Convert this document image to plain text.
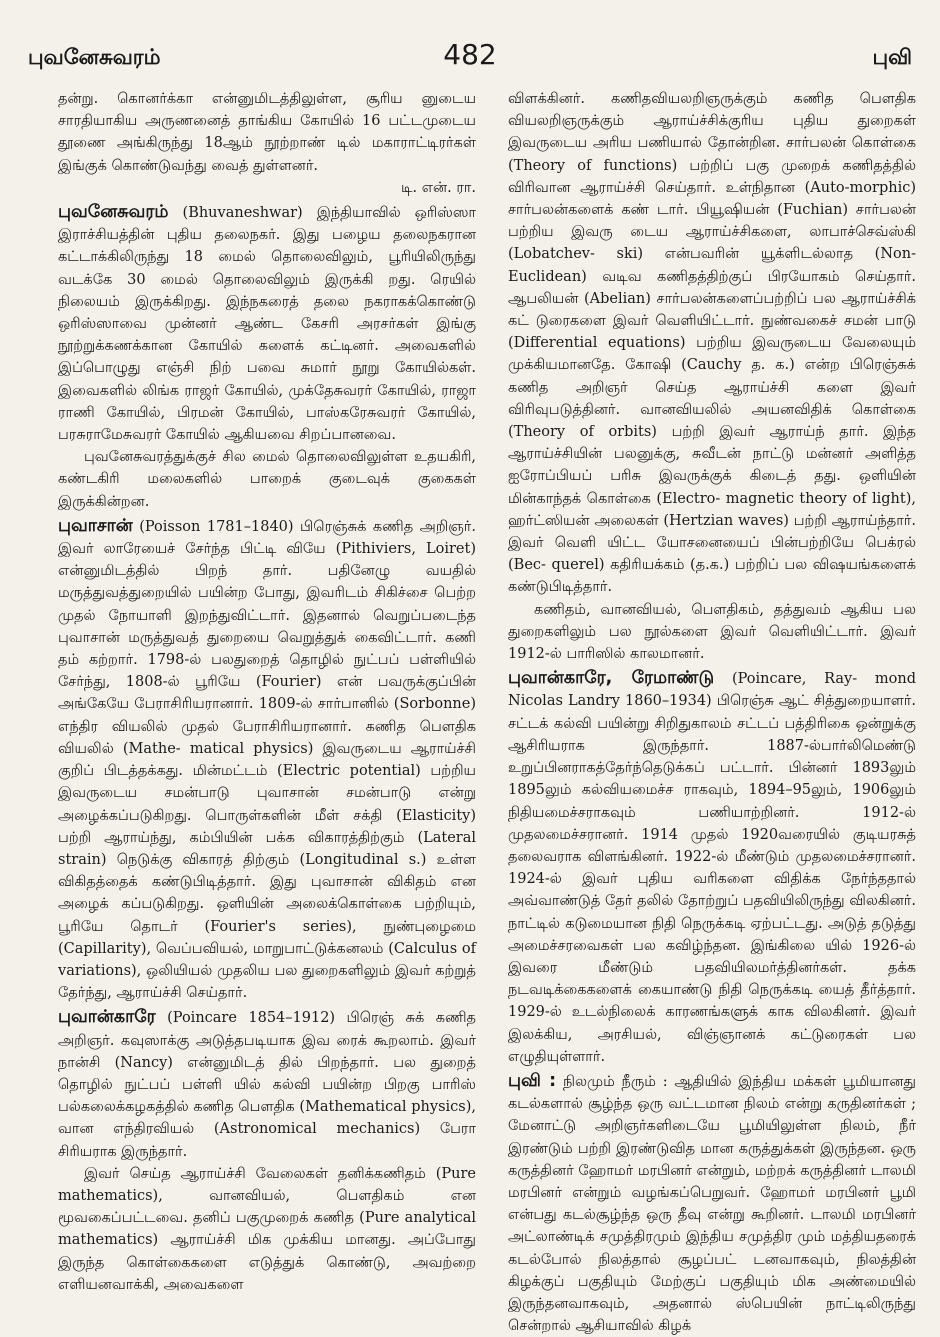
புவனேசுவரம்	482	புவி

தன்று. கொனர்க்கா என்னுமிடத்திலுள்ள, சூரிய னுடைய சாரதியாகிய அருணனைத் தாங்கிய கோயில் 16 பட்டமுடைய தூணை அங்கிருந்து 18ஆம் நூற்றாண் டில் மகாராட்டிரர்கள் இங்குக் கொண்டுவந்து வைத் துள்ளனர்.

டி. என். ரா.

புவனேசுவரம் (Bhuvaneshwar) இந்தியாவில் ஒரிஸ்ஸா இராச்சியத்தின் புதிய தலைநகர். இது பழைய தலைநகரான கட்டாக்கிலிருந்து 18 மைல் தொலைவிலும், பூரியிலிருந்து வடக்கே 30 மைல் தொலைவிலும் இருக்கி றது. ரெயில் நிலையம் இருக்கிறது. இந்நகரைத் தலை நகராகக்கொண்டு ஒரிஸ்ஸாவை முன்னர் ஆண்ட கேசரி அரசர்கள் இங்கு நூற்றுக்கணக்கான கோயில் களைக் கட்டினர். அவைகளில் இப்பொழுது எஞ்சி நிற் பவை சுமார் நூறு கோயில்கள். இவைகளில் லிங்க ராஜர் கோயில், முக்தேசுவரர் கோயில், ராஜா ராணி கோயில், பிரமன் கோயில், பாஸ்கரேசுவரர் கோயில், பரசுராமேசுவரர் கோயில் ஆகியவை சிறப்பானவை.

புவனேசுவரத்துக்குச் சில மைல் தொலைவிலுள்ள உதயகிரி, கண்டகிரி மலைகளில் பாறைக் குடைவுக் குகைகள் இருக்கின்றன.

புவாசான் (Poisson 1781–1840) பிரெஞ்சுக் கணித அறிஞர். இவர் லாரேயைச் சேர்ந்த பிட்டி வியே (Pithiviers, Loiret) என்னுமிடத்தில் பிறந் தார். பதினேழு வயதில் மருத்துவத்துறையில் பயின்ற போது, இவரிடம் சிகிச்சை பெற்ற முதல் நோயாளி இறந்துவிட்டார். இதனால் வெறுப்படைந்த புவாசான் மருத்துவத் துறையை வெறுத்துக் கைவிட்டார். கணி தம் கற்றார். 1798-ல் பலதுறைத் தொழில் நுட்பப் பள்ளியில் சேர்ந்து, 1808-ல் பூரியே (Fourier) என் பவருக்குப்பின் அங்கேயே பேராசிரியரானார். 1809-ல் சார்பானில் (Sorbonne) எந்திர வியலில் முதல் பேராசிரியரானார். கணித பௌதிக வியலில் (Mathe- matical physics) இவருடைய ஆராய்ச்சி குறிப் பிடத்தக்கது. மின்மட்டம் (Electric potential) பற்றிய இவருடைய சமன்பாடு புவாசான் சமன்பாடு என்று அழைக்கப்படுகிறது. பொருள்களின் மீள் சக்தி (Elasticity) பற்றி ஆராய்ந்து, கம்பியின் பக்க விகாரத்திற்கும் (Lateral strain) நெடுக்கு விகாரத் திற்கும் (Longitudinal s.) உள்ள விகிதத்தைக் கண்டுபிடித்தார். இது புவாசான் விகிதம் என அழைக் கப்படுகிறது. ஒளியின் அலைக்கொள்கை பற்றியும், பூரியே தொடர் (Fourier's series), நுண்புழைமை (Capillarity), வெப்பவியல், மாறுபாட்டுக்கனலம் (Calculus of variations), ஒலியியல் முதலிய பல துறைகளிலும் இவர் கற்றுத் தேர்ந்து, ஆராய்ச்சி செய்தார்.

புவான்காரே (Poincare 1854–1912) பிரெஞ் சுக் கணித அறிஞர். கவுஸாக்கு அடுத்தபடியாக இவ ரைக் கூறலாம். இவர் நான்சி (Nancy) என்னுமிடத் தில் பிறந்தார். பல துறைத் தொழில் நுட்பப் பள்ளி யில் கல்வி பயின்ற பிறகு பாரிஸ் பல்கலைக்கழகத்தில் கணித பௌதிக (Mathematical physics), வான எந்திரவியல் (Astronomical mechanics) பேரா சிரியராக இருந்தார்.

இவர் செய்த ஆராய்ச்சி வேலைகள் தனிக்கணிதம் (Pure mathematics), வானவியல், பௌதிகம் என மூவகைப்பட்டவை. தனிப் பகுமுறைக் கணித (Pure analytical mathematics) ஆராய்ச்சி மிக முக்கிய மானது. அப்போது இருந்த கொள்கைகளை எடுத்துக் கொண்டு, அவற்றை எளியனவாக்கி, அவைகளை

விளக்கினர். கணிதவியலறிஞருக்கும் கணித பௌதிக வியலறிஞருக்கும் ஆராய்ச்சிக்குரிய புதிய துறைகள் இவருடைய அரிய பணியால் தோன்றின. சார்பலன் கொள்கை (Theory of functions) பற்றிப் பகு முறைக் கணிதத்தில் விரிவான ஆராய்ச்சி செய்தார். உள்நிதான (Auto-morphic) சார்பலன்களைக் கண் டார். பியூஷியன் (Fuchian) சார்பலன் பற்றிய இவரு டைய ஆராய்ச்சிகளை, லாபாச்செவ்ஸ்கி (Lobatchev- ski) என்பவரின் யூக்ளிடல்லாத (Non-Euclidean) வடிவ கணிதத்திற்குப் பிரயோகம் செய்தார். ஆபலியன் (Abelian) சார்பலன்களைப்பற்றிப் பல ஆராய்ச்சிக் கட் டுரைகளை இவர் வெளியிட்டார். நுண்வகைச் சமன் பாடு (Differential equations) பற்றிய இவருடைய வேலையும் முக்கியமானதே. கோஷி (Cauchy த. க.) என்ற பிரெஞ்சுக் கணித அறிஞர் செய்த ஆராய்ச்சி களை இவர் விரிவுபடுத்தினர். வானவியலில் அயனவிதிக் கொள்கை (Theory of orbits) பற்றி இவர் ஆராய்ந் தார். இந்த ஆராய்ச்சியின் பலனுக்கு, சுவீடன் நாட்டு மன்னர் அளித்த ஐரோப்பியப் பரிசு இவருக்குக் கிடைத் தது. ஒளியின் மின்காந்தக் கொள்கை (Electro- magnetic theory of light), ஹர்ட்ஸியன் அலைகள் (Hertzian waves) பற்றி ஆராய்ந்தார். இவர் வெளி யிட்ட யோசனையைப் பின்பற்றியே பெக்ரல் (Bec- querel) கதிரியக்கம் (த.க.) பற்றிப் பல விஷயங்களைக் கண்டுபிடித்தார்.

கணிதம், வானவியல், பௌதிகம், தத்துவம் ஆகிய பல துறைகளிலும் பல நூல்களை இவர் வெளியிட்டார். இவர் 1912-ல் பாரிஸில் காலமானர்.

புவான்காரே, ரேமாண்டு (Poincare, Ray- mond Nicolas Landry 1860–1934) பிரெஞ்சு ஆட் சித்துறையாளர். சட்டக் கல்வி பயின்று சிறிதுகாலம் சட்டப் பத்திரிகை ஒன்றுக்கு ஆசிரியராக இருந்தார். 1887-ல்பார்லிமெண்டு உறுப்பினராகத்தேர்ந்தெடுக்கப் பட்டார். பின்னர் 1893லும் 1895லும் கல்வியமைச்ச ராகவும், 1894–95லும், 1906லும் நிதியமைச்சராகவும் பணியாற்றினர். 1912-ல் முதலமைச்சரானர். 1914 முதல் 1920வரையில் குடியரசுத் தலைவராக விளங்கினர். 1922-ல் மீண்டும் முதலமைச்சரானர். 1924-ல் இவர் புதிய வரிகளை விதிக்க நேர்ந்ததால் அவ்வாண்டுத் தேர் தலில் தோற்றுப் பதவியிலிருந்து விலகினர். நாட்டில் கடுமையான நிதி நெருக்கடி ஏற்பட்டது. அடுத் தடுத்து அமைச்சரவைகள் பல கவிழ்ந்தன. இங்கிலை யில் 1926-ல் இவரை மீண்டும் பதவியிலமர்த்தினர்கள். தக்க நடவடிக்கைகளைக் கையாண்டு நிதி நெருக்கடி யைத் தீர்த்தார். 1929-ல் உடல்நிலைக் காரணங்களுக் காக விலகினர். இவர் இலக்கிய, அரசியல், விஞ்ஞானக் கட்டுரைகள் பல எழுதியுள்ளார்.

புவி : நிலமும் நீரும் : ஆதியில் இந்திய மக்கள் பூமியானது கடல்களால் சூழ்ந்த ஒரு வட்டமான நிலம் என்று கருதினர்கள் ; மேனாட்டு அறிஞர்களிடையே பூமியிலுள்ள நிலம், நீர் இரண்டும் பற்றி இரண்டுவித மான கருத்துக்கள் இருந்தன. ஒரு கருத்தினர் ஹோமர் மரபினர் என்றும், மற்றக் கருத்தினர் டாலமி மரபினர் என்றும் வழங்கப்பெறுவர். ஹோமர் மரபினர் பூமி என்பது கடல்சூழ்ந்த ஒரு தீவு என்று கூறினர். டாலமி மரபினர் அட்லாண்டிக் சமுத்திரமும் இந்திய சமுத்திர மும் மத்தியதரைக் கடல்போல் நிலத்தால் சூழப்பட் டனவாகவும், நிலத்தின் கிழக்குப் பகுதியும் மேற்குப் பகுதியும் மிக அண்மையில் இருந்தனவாகவும், அதனால் ஸ்பெயின் நாட்டிலிருந்து சென்றால் ஆசியாவில் கிழக்
